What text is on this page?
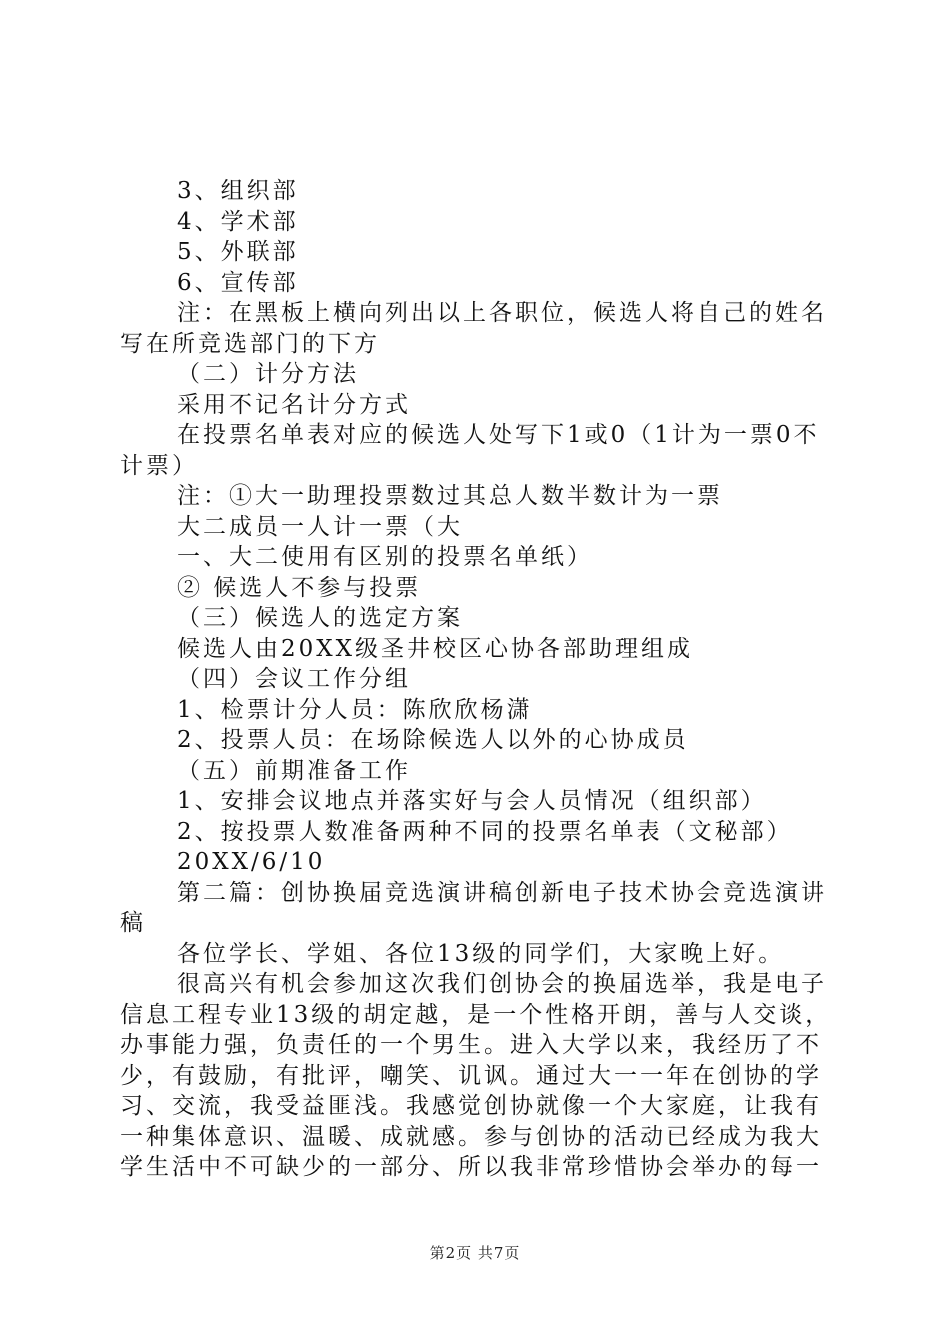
3、组织部
4、学术部
5、外联部
6、宣传部
注：在黑板上横向列出以上各职位，候选人将自己的姓名
写在所竞选部门的下方
（二）计分方法
采用不记名计分方式
在投票名单表对应的候选人处写下1或0（1计为一票0不
计票）
注：①大一助理投票数过其总人数半数计为一票
大二成员一人计一票（大
一、大二使用有区别的投票名单纸）
② 候选人不参与投票
（三）候选人的选定方案
候选人由20XX级圣井校区心协各部助理组成
（四）会议工作分组
1、检票计分人员：陈欣欣杨潇
2、投票人员：在场除候选人以外的心协成员
（五）前期准备工作
1、安排会议地点并落实好与会人员情况（组织部）
2、按投票人数准备两种不同的投票名单表（文秘部）
20XX/6/10
第二篇：创协换届竞选演讲稿创新电子技术协会竞选演讲
稿
各位学长、学姐、各位13级的同学们，大家晚上好。
很高兴有机会参加这次我们创协会的换届选举，我是电子
信息工程专业13级的胡定越，是一个性格开朗，善与人交谈，
办事能力强，负责任的一个男生。进入大学以来，我经历了不
少，有鼓励，有批评，嘲笑、讥讽。通过大一一年在创协的学
习、交流，我受益匪浅。我感觉创协就像一个大家庭，让我有
一种集体意识、温暖、成就感。参与创协的活动已经成为我大
学生活中不可缺少的一部分、所以我非常珍惜协会举办的每一
第2页 共7页
